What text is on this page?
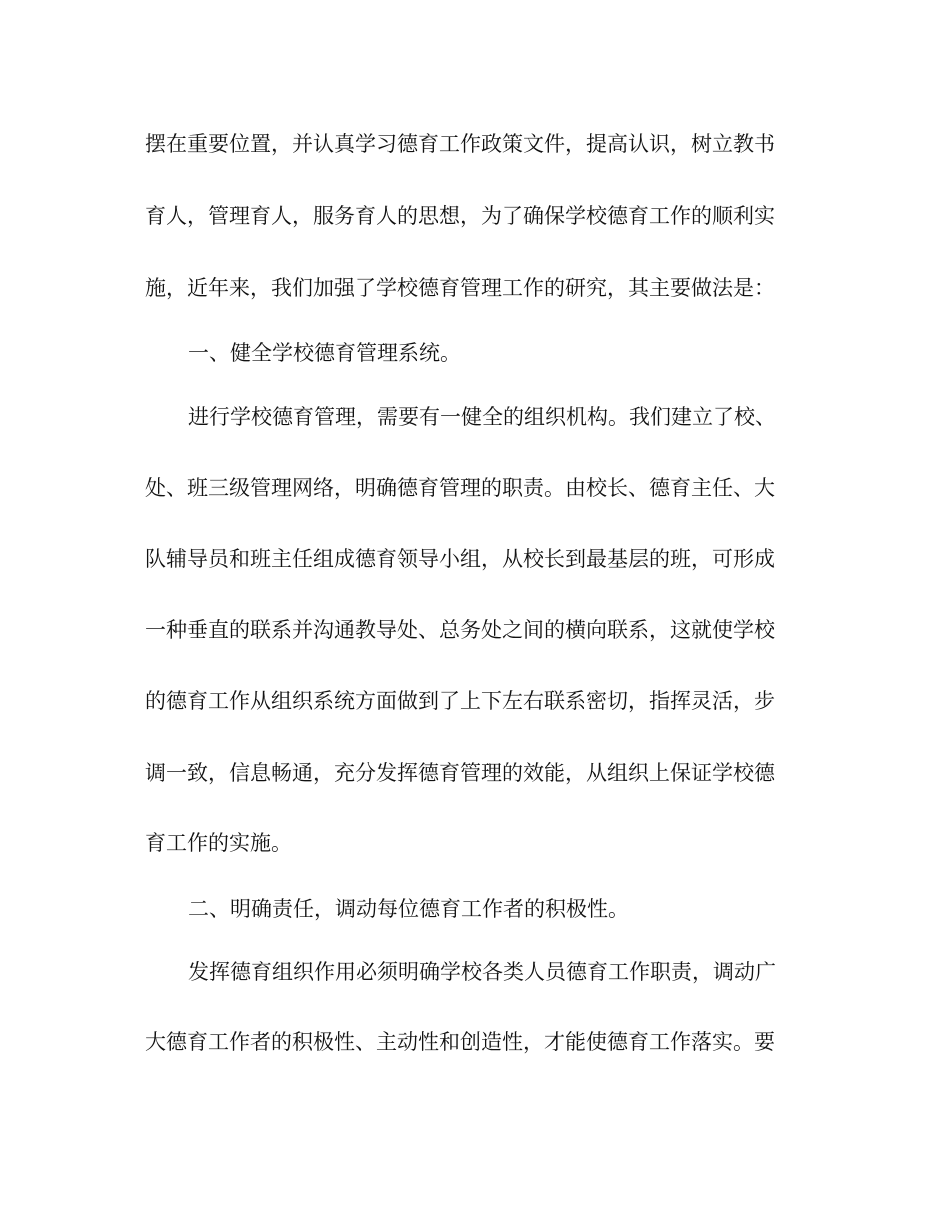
摆在重要位置，并认真学习德育工作政策文件，提高认识，树立教书

育人，管理育人，服务育人的思想，为了确保学校德育工作的顺利实

施，近年来，我们加强了学校德育管理工作的研究，其主要做法是：

一、健全学校德育管理系统。

进行学校德育管理，需要有一健全的组织机构。我们建立了校、

处、班三级管理网络，明确德育管理的职责。由校长、德育主任、大

队辅导员和班主任组成德育领导小组，从校长到最基层的班，可形成

一种垂直的联系并沟通教导处、总务处之间的横向联系，这就使学校

的德育工作从组织系统方面做到了上下左右联系密切，指挥灵活，步

调一致，信息畅通，充分发挥德育管理的效能，从组织上保证学校德

育工作的实施。

二、明确责任，调动每位德育工作者的积极性。

发挥德育组织作用必须明确学校各类人员德育工作职责，调动广

大德育工作者的积极性、主动性和创造性，才能使德育工作落实。要
